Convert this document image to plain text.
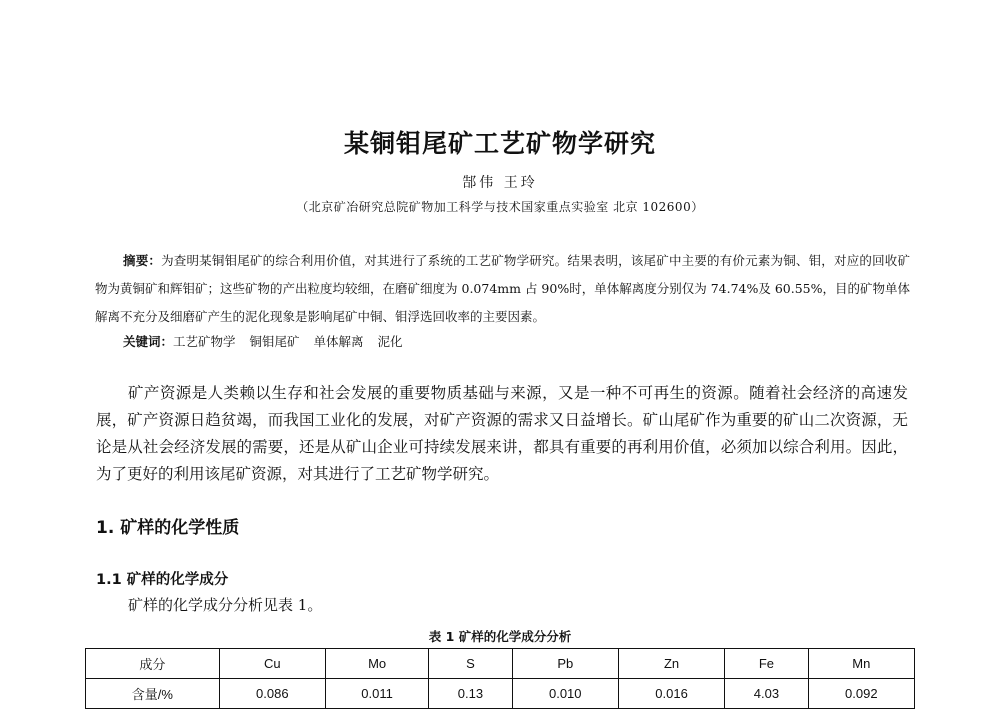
某铜钼尾矿工艺矿物学研究
郜伟 王玲
（北京矿冶研究总院矿物加工科学与技术国家重点实验室 北京 102600）
摘要：为查明某铜钼尾矿的综合利用价值，对其进行了系统的工艺矿物学研究。结果表明，该尾矿中主要的有价元素为铜、钼，对应的回收矿物为黄铜矿和辉钼矿；这些矿物的产出粒度均较细，在磨矿细度为 0.074mm 占 90%时，单体解离度分别仅为 74.74%及 60.55%，目的矿物单体解离不充分及细磨矿产生的泥化现象是影响尾矿中铜、钼浮选回收率的主要因素。
关键词：工艺矿物学 铜钼尾矿 单体解离 泥化
矿产资源是人类赖以生存和社会发展的重要物质基础与来源，又是一种不可再生的资源。随着社会经济的高速发展，矿产资源日趋贫竭，而我国工业化的发展，对矿产资源的需求又日益增长。矿山尾矿作为重要的矿山二次资源，无论是从社会经济发展的需要，还是从矿山企业可持续发展来讲，都具有重要的再利用价值，必须加以综合利用。因此，为了更好的利用该尾矿资源，对其进行了工艺矿物学研究。
1. 矿样的化学性质
1.1 矿样的化学成分
矿样的化学成分分析见表 1。
表 1 矿样的化学成分分析
成分	Cu	Mo	S	Pb	Zn	Fe	Mn
含量/%	0.086	0.011	0.13	0.010	0.016	4.03	0.092
